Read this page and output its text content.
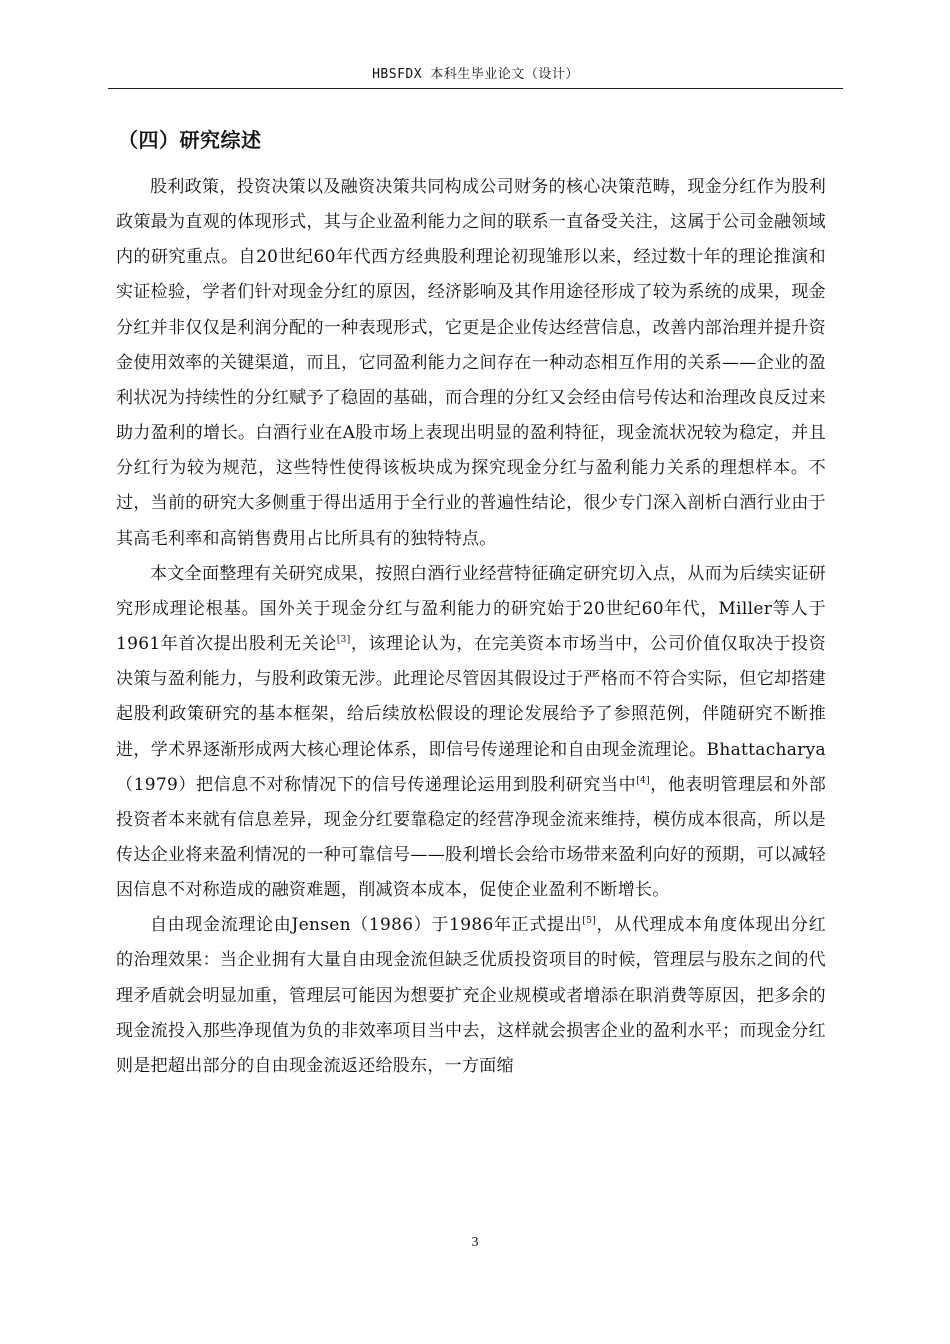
HBSFDX 本科生毕业论文（设计）
（四）研究综述

股利政策，投资决策以及融资决策共同构成公司财务的核心决策范畴，现金分红作为股利政策最为直观的体现形式，其与企业盈利能力之间的联系一直备受关注，这属于公司金融领域内的研究重点。自20世纪60年代西方经典股利理论初现雏形以来，经过数十年的理论推演和实证检验，学者们针对现金分红的原因，经济影响及其作用途径形成了较为系统的成果，现金分红并非仅仅是利润分配的一种表现形式，它更是企业传达经营信息，改善内部治理并提升资金使用效率的关键渠道，而且，它同盈利能力之间存在一种动态相互作用的关系——企业的盈利状况为持续性的分红赋予了稳固的基础，而合理的分红又会经由信号传达和治理改良反过来助力盈利的增长。白酒行业在A股市场上表现出明显的盈利特征，现金流状况较为稳定，并且分红行为较为规范，这些特性使得该板块成为探究现金分红与盈利能力关系的理想样本。不过，当前的研究大多侧重于得出适用于全行业的普遍性结论，很少专门深入剖析白酒行业由于其高毛利率和高销售费用占比所具有的独特特点。

本文全面整理有关研究成果，按照白酒行业经营特征确定研究切入点，从而为后续实证研究形成理论根基。国外关于现金分红与盈利能力的研究始于20世纪60年代，Miller等人于1961年首次提出股利无关论[3]，该理论认为，在完美资本市场当中，公司价值仅取决于投资决策与盈利能力，与股利政策无涉。此理论尽管因其假设过于严格而不符合实际，但它却搭建起股利政策研究的基本框架，给后续放松假设的理论发展给予了参照范例，伴随研究不断推进，学术界逐渐形成两大核心理论体系，即信号传递理论和自由现金流理论。Bhattacharya（1979）把信息不对称情况下的信号传递理论运用到股利研究当中[4]，他表明管理层和外部投资者本来就有信息差异，现金分红要靠稳定的经营净现金流来维持，模仿成本很高，所以是传达企业将来盈利情况的一种可靠信号——股利增长会给市场带来盈利向好的预期，可以减轻因信息不对称造成的融资难题，削减资本成本，促使企业盈利不断增长。

自由现金流理论由Jensen（1986）于1986年正式提出[5]，从代理成本角度体现出分红的治理效果：当企业拥有大量自由现金流但缺乏优质投资项目的时候，管理层与股东之间的代理矛盾就会明显加重，管理层可能因为想要扩充企业规模或者增添在职消费等原因，把多余的现金流投入那些净现值为负的非效率项目当中去，这样就会损害企业的盈利水平；而现金分红则是把超出部分的自由现金流返还给股东，一方面缩

3
